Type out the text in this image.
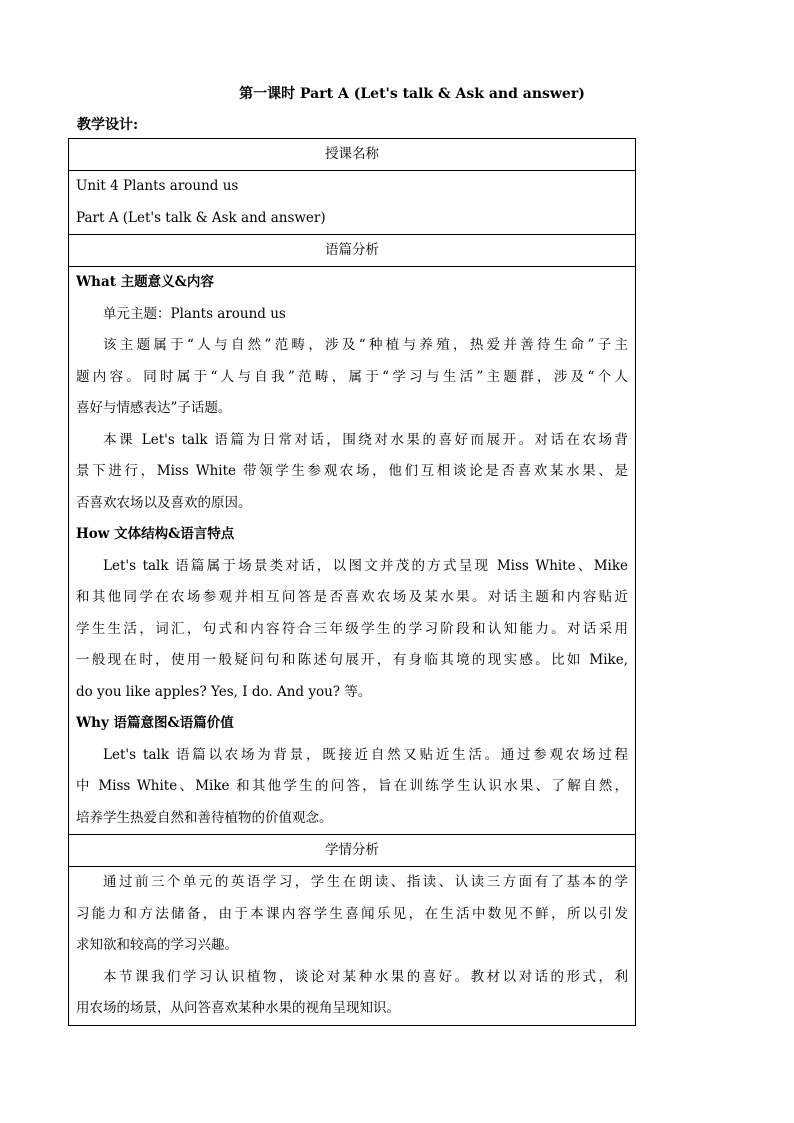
第一课时 Part A (Let's talk & Ask and answer)
教学设计:
授课名称

Unit 4 Plants around us
Part A (Let's talk & Ask and answer)

语篇分析

What 主题意义&内容
单元主题：Plants around us
该主题属于“人与自然”范畴，涉及“种植与养殖，热爱并善待生命”子主
题内容。同时属于“人与自我”范畴，属于“学习与生活”主题群，涉及“个人
喜好与情感表达”子话题。
本课 Let's talk 语篇为日常对话，围绕对水果的喜好而展开。对话在农场背
景下进行，Miss White 带领学生参观农场，他们互相谈论是否喜欢某水果、是
否喜欢农场以及喜欢的原因。
How 文体结构&语言特点
Let's talk 语篇属于场景类对话，以图文并茂的方式呈现 Miss White、Mike
和其他同学在农场参观并相互问答是否喜欢农场及某水果。对话主题和内容贴近
学生生活，词汇，句式和内容符合三年级学生的学习阶段和认知能力。对话采用
一般现在时，使用一般疑问句和陈述句展开，有身临其境的现实感。比如 Mike,
do you like apples? Yes, I do. And you? 等。
Why 语篇意图&语篇价值
Let's talk 语篇以农场为背景，既接近自然又贴近生活。通过参观农场过程
中 Miss White、Mike 和其他学生的问答，旨在训练学生认识水果、了解自然，
培养学生热爱自然和善待植物的价值观念。

学情分析

通过前三个单元的英语学习，学生在朗读、指读、认读三方面有了基本的学
习能力和方法储备，由于本课内容学生喜闻乐见，在生活中数见不鲜，所以引发
求知欲和较高的学习兴趣。
本节课我们学习认识植物，谈论对某种水果的喜好。教材以对话的形式，利
用农场的场景，从问答喜欢某种水果的视角呈现知识。
